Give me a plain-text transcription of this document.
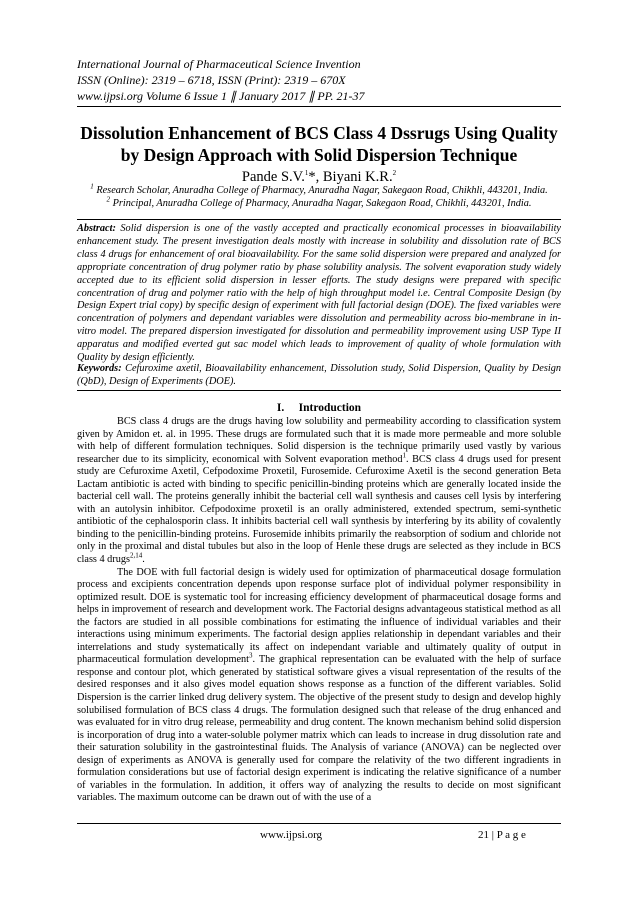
International Journal of Pharmaceutical Science Invention
ISSN (Online): 2319 – 6718, ISSN (Print): 2319 – 670X
www.ijpsi.org Volume 6 Issue 1 ∥ January 2017 ∥ PP. 21-37
Dissolution Enhancement of BCS Class 4 Dssrugs Using Quality by Design Approach with Solid Dispersion Technique
Pande S.V.$^1$*, Biyani K.R.$^2$
$^1$ Research Scholar, Anuradha College of Pharmacy, Anuradha Nagar, Sakegaon Road, Chikhli, 443201, India.
$^2$ Principal, Anuradha College of Pharmacy, Anuradha Nagar, Sakegaon Road, Chikhli, 443201, India.
Abstract: Solid dispersion is one of the vastly accepted and practically economical processes in bioavailability enhancement study. The present investigation deals mostly with increase in solubility and dissolution rate of BCS class 4 drugs for enhancement of oral bioavailability. For the same solid dispersion were prepared and analyzed for appropriate concentration of drug polymer ratio by phase solubility analysis. The solvent evaporation study widely accepted due to its efficient solid dispersion in lesser efforts. The study designs were prepared with specific concentration of drug and polymer ratio with the help of high throughput model i.e. Central Composite Design (by Design Expert trial copy) by specific design of experiment with full factorial design (DOE). The fixed variables were concentration of polymers and dependant variables were dissolution and permeability across bio-membrane in in-vitro model. The prepared dispersion investigated for dissolution and permeability improvement using USP Type II apparatus and modified everted gut sac model which leads to improvement of quality of whole formulation with Quality by design efficiently.
Keywords: Cefuroxime axetil, Bioavailability enhancement, Dissolution study, Solid Dispersion, Quality by Design (QbD), Design of Experiments (DOE).
I. Introduction

BCS class 4 drugs are the drugs having low solubility and permeability according to classification system given by Amidon et. al. in 1995. These drugs are formulated such that it is made more permeable and more soluble with help of different formulation techniques. Solid dispersion is the technique primarily used vastly by various researcher due to its simplicity, economical with Solvent evaporation method$^1$. BCS class 4 drugs used for present study are Cefuroxime Axetil, Cefpodoxime Proxetil, Furosemide. Cefuroxime Axetil is the second generation Beta Lactam antibiotic is acted with binding to specific penicillin-binding proteins which are generally located inside the bacterial cell wall. The proteins generally inhibit the bacterial cell wall synthesis and causes cell lysis by interfering with an autolysin inhibitor. Cefpodoxime proxetil is an orally administered, extended spectrum, semi-synthetic antibiotic of the cephalosporin class. It inhibits bacterial cell wall synthesis by interfering by its ability of covalently binding to the penicillin-binding proteins. Furosemide inhibits primarily the reabsorption of sodium and chloride not only in the proximal and distal tubules but also in the loop of Henle these drugs are selected as they include in BCS class 4 drugs$^{2,14}$.

The DOE with full factorial design is widely used for optimization of pharmaceutical dosage formulation process and excipients concentration depends upon response surface plot of individual polymer responsibility in optimized result. DOE is systematic tool for increasing efficiency development of pharmaceutical dosage forms and helps in improvement of research and development work. The Factorial designs advantageous statistical method as all the factors are studied in all possible combinations for estimating the influence of individual variables and their interactions using minimum experiments. The factorial design applies relationship in dependant variables and their interrelations and study systematically its affect on independant variable and ultimately quality of output in pharmaceutical formulation development$^3$. The graphical representation can be evaluated with the help of surface response and contour plot, which generated by statistical software gives a visual representation of the results of the desired responses and it also gives model equation shows response as a function of the different variables. Solid Dispersion is the carrier linked drug delivery system. The objective of the present study to design and develop highly solubilised formulation of BCS class 4 drugs. The formulation designed such that release of the drug enhanced and was evaluated for in vitro drug release, permeability and drug content. The known mechanism behind solid dispersion is incorporation of drug into a water-soluble polymer matrix which can leads to increase in drug dissolution rate and their saturation solubility in the gastrointestinal fluids. The Analysis of variance (ANOVA) can be neglected over design of experiments as ANOVA is generally used for compare the relativity of the two different ingradients in formulation considerations but use of factorial design experiment is indicating the relative significance of a number of variables in the formulation. In addition, it offers way of analyzing the results to decide on most significant variables. The maximum outcome can be drawn out of with the use of a

www.ijpsi.org	21 | P a g e
